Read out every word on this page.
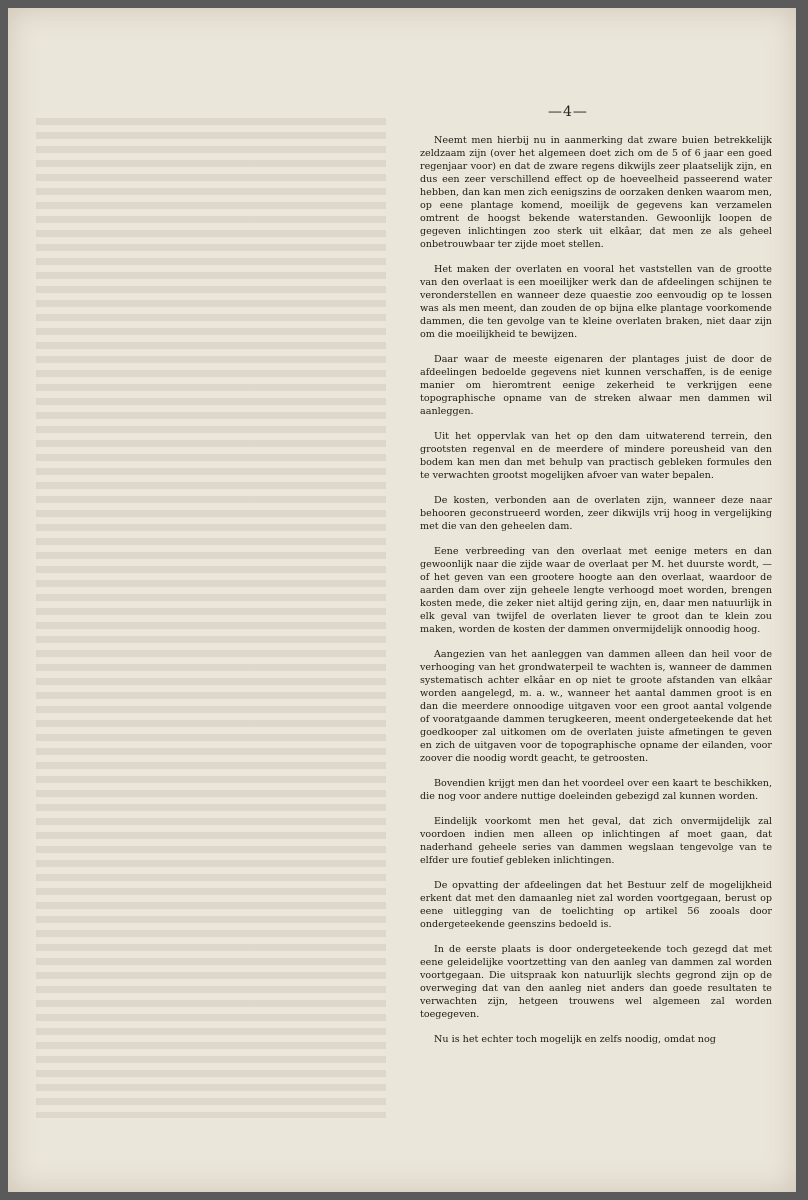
—4—

Neemt men hierbij nu in aanmerking dat zware buien betrekkelijk zeldzaam zijn (over het algemeen doet zich om de 5 of 6 jaar een goed regenjaar voor) en dat de zware regens dikwijls zeer plaatselijk zijn, en dus een zeer verschillend effect op de hoeveelheid passeerend water hebben, dan kan men zich eenigszins de oorzaken denken waarom men, op eene plantage komend, moeilijk de gegevens kan verzamelen omtrent de hoogst bekende waterstanden. Gewoonlijk loopen de gegeven inlichtingen zoo sterk uit elkâar, dat men ze als geheel onbetrouwbaar ter zijde moet stellen.

Het maken der overlaten en vooral het vaststellen van de grootte van den overlaat is een moeilijker werk dan de afdeelingen schijnen te veronderstellen en wanneer deze quaestie zoo eenvoudig op te lossen was als men meent, dan zouden de op bijna elke plantage voorkomende dammen, die ten gevolge van te kleine overlaten braken, niet daar zijn om die moeilijkheid te bewijzen.

Daar waar de meeste eigenaren der plantages juist de door de afdeelingen bedoelde gegevens niet kunnen verschaffen, is de eenige manier om hieromtrent eenige zekerheid te verkrijgen eene topographische opname van de streken alwaar men dammen wil aanleggen.

Uit het oppervlak van het op den dam uitwaterend terrein, den grootsten regenval en de meerdere of mindere poreusheid van den bodem kan men dan met behulp van practisch gebleken formules den te verwachten grootst mogelijken afvoer van water bepalen.

De kosten, verbonden aan de overlaten zijn, wanneer deze naar behooren geconstrueerd worden, zeer dikwijls vrij hoog in vergelijking met die van den geheelen dam.

Eene verbreeding van den overlaat met eenige meters en dan gewoonlijk naar die zijde waar de overlaat per M. het duurste wordt, — of het geven van een grootere hoogte aan den overlaat, waardoor de aarden dam over zijn geheele lengte verhoogd moet worden, brengen kosten mede, die zeker niet altijd gering zijn, en, daar men natuurlijk in elk geval van twijfel de overlaten liever te groot dan te klein zou maken, worden de kosten der dammen onvermijdelijk onnoodig hoog.

Aangezien van het aanleggen van dammen alleen dan heil voor de verhooging van het grondwaterpeil te wachten is, wanneer de dammen systematisch achter elkâar en op niet te groote afstanden van elkâar worden aangelegd, m. a. w., wanneer het aantal dammen groot is en dan die meerdere onnoodige uitgaven voor een groot aantal volgende of vooratgaande dammen terugkeeren, meent ondergeteekende dat het goedkooper zal uitkomen om de overlaten juiste afmetingen te geven en zich de uitgaven voor de topographische opname der eilanden, voor zoover die noodig wordt geacht, te getroosten.

Bovendien krijgt men dan het voordeel over een kaart te beschikken, die nog voor andere nuttige doeleinden gebezigd zal kunnen worden.

Eindelijk voorkomt men het geval, dat zich onvermijdelijk zal voordoen indien men alleen op inlichtingen af moet gaan, dat naderhand geheele series van dammen wegslaan tengevolge van te elfder ure foutief gebleken inlichtingen.

De opvatting der afdeelingen dat het Bestuur zelf de mogelijkheid erkent dat met den damaanleg niet zal worden voortgegaan, berust op eene uitlegging van de toelichting op artikel 56 zooals door ondergeteekende geenszins bedoeld is.

In de eerste plaats is door ondergeteekende toch gezegd dat met eene geleidelijke voortzetting van den aanleg van dammen zal worden voortgegaan. Die uitspraak kon natuurlijk slechts gegrond zijn op de overweging dat van den aanleg niet anders dan goede resultaten te verwachten zijn, hetgeen trouwens wel algemeen zal worden toegegeven.

Nu is het echter toch mogelijk en zelfs noodig, omdat nog
